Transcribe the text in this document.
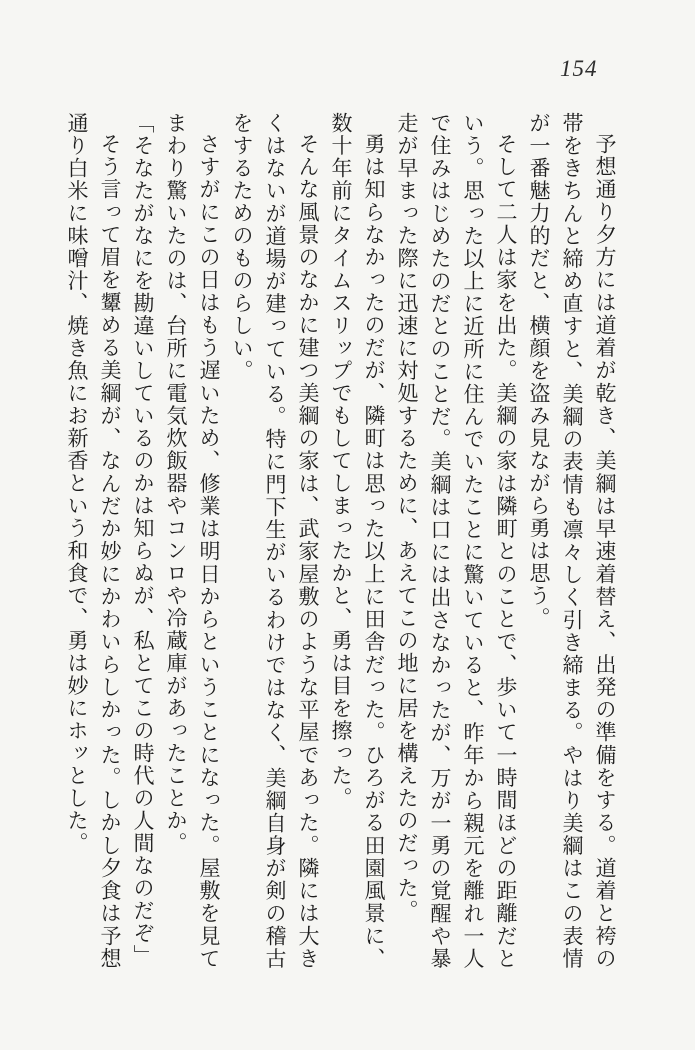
154

予想通り夕方には道着が乾き、美綱は早速着替え、出発の準備をする。道着と袴の帯をきちんと締め直すと、美綱の表情も凛々しく引き締まる。やはり美綱はこの表情が一番魅力的だと、横顔を盗み見ながら勇は思う。

そして二人は家を出た。美綱の家は隣町とのことで、歩いて一時間ほどの距離だという。思った以上に近所に住んでいたことに驚いていると、昨年から親元を離れ一人で住みはじめたのだとのことだ。美綱は口には出さなかったが、万が一勇の覚醒や暴走が早まった際に迅速に対処するために、あえてこの地に居を構えたのだった。

勇は知らなかったのだが、隣町は思った以上に田舎だった。ひろがる田園風景に、数十年前にタイムスリップでもしてしまったかと、勇は目を擦った。

そんな風景のなかに建つ美綱の家は、武家屋敷のような平屋であった。隣には大きくはないが道場が建っている。特に門下生がいるわけではなく、美綱自身が剣の稽古をするためのものらしい。

さすがにこの日はもう遅いため、修業は明日からということになった。屋敷を見てまわり驚いたのは、台所に電気炊飯器やコンロや冷蔵庫があったことか。

「そなたがなにを勘違いしているのかは知らぬが、私とてこの時代の人間なのだぞ」

そう言って眉を顰める美綱が、なんだか妙にかわいらしかった。しかし夕食は予想通り白米に味噌汁、焼き魚にお新香という和食で、勇は妙にホッとした。
